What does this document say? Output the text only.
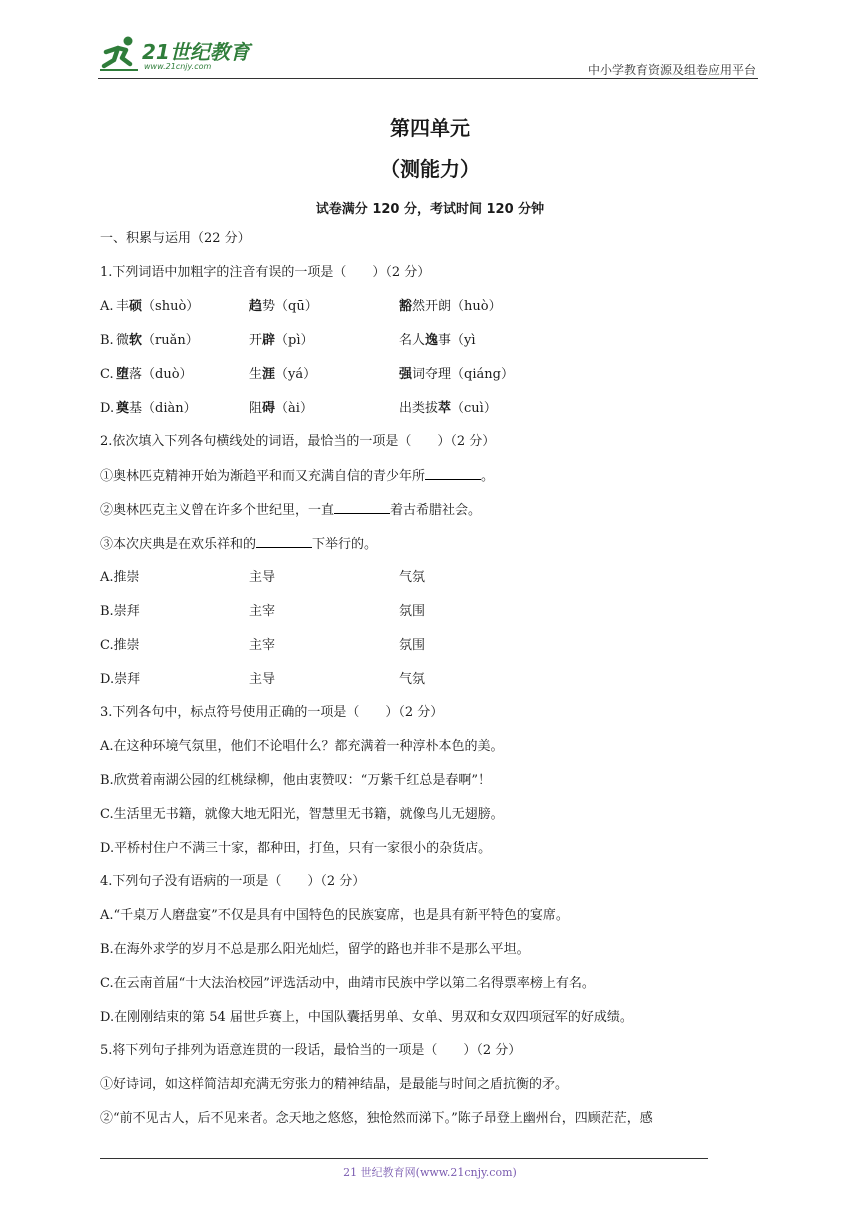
21世纪教育
www.21cnjy.com	中小学教育资源及组卷应用平台
第四单元
（测能力）
试卷满分 120 分，考试时间 120 分钟
一、积累与运用（22 分）
1.下列词语中加粗字的注音有误的一项是（　　）（2 分）
A. 丰硕（shuò）	趋势（qū）	豁然开朗（huò）
B. 微软（ruǎn）	开辟（pì）	名人逸事（yì
C. 堕落（duò）	生涯（yá）	强词夺理（qiáng）
D. 奠基（diàn）	阻碍（ài）	出类拔萃（cuì）
2.依次填入下列各句横线处的词语，最恰当的一项是（　　）（2 分）
①奥林匹克精神开始为渐趋平和而又充满自信的青少年所	。
②奥林匹克主义曾在许多个世纪里，一直	着古希腊社会。
③本次庆典是在欢乐祥和的	下举行的。
A.推崇	主导	气氛
B.崇拜	主宰	氛围
C.推崇	主宰	氛围
D.崇拜	主导	气氛
3.下列各句中，标点符号使用正确的一项是（　　）（2 分）
A.在这种环境气氛里，他们不论唱什么？都充满着一种淳朴本色的美。
B.欣赏着南湖公园的红桃绿柳，他由衷赞叹：“万紫千红总是春啊”！
C.生活里无书籍，就像大地无阳光，智慧里无书籍，就像鸟儿无翅膀。
D.平桥村住户不满三十家，都种田，打鱼，只有一家很小的杂货店。
4.下列句子没有语病的一项是（　　）（2 分）
A.“千桌万人磨盘宴”不仅是具有中国特色的民族宴席，也是具有新平特色的宴席。
B.在海外求学的岁月不总是那么阳光灿烂，留学的路也并非不是那么平坦。
C.在云南首届“十大法治校园”评选活动中，曲靖市民族中学以第二名得票率榜上有名。
D.在刚刚结束的第 54 届世乒赛上，中国队囊括男单、女单、男双和女双四项冠军的好成绩。
5.将下列句子排列为语意连贯的一段话，最恰当的一项是（　　）（2 分）
①好诗词，如这样简洁却充满无穷张力的精神结晶，是最能与时间之盾抗衡的矛。
②“前不见古人，后不见来者。念天地之悠悠，独怆然而涕下。”陈子昂登上幽州台，四顾茫茫，感
21 世纪教育网(www.21cnjy.com)
